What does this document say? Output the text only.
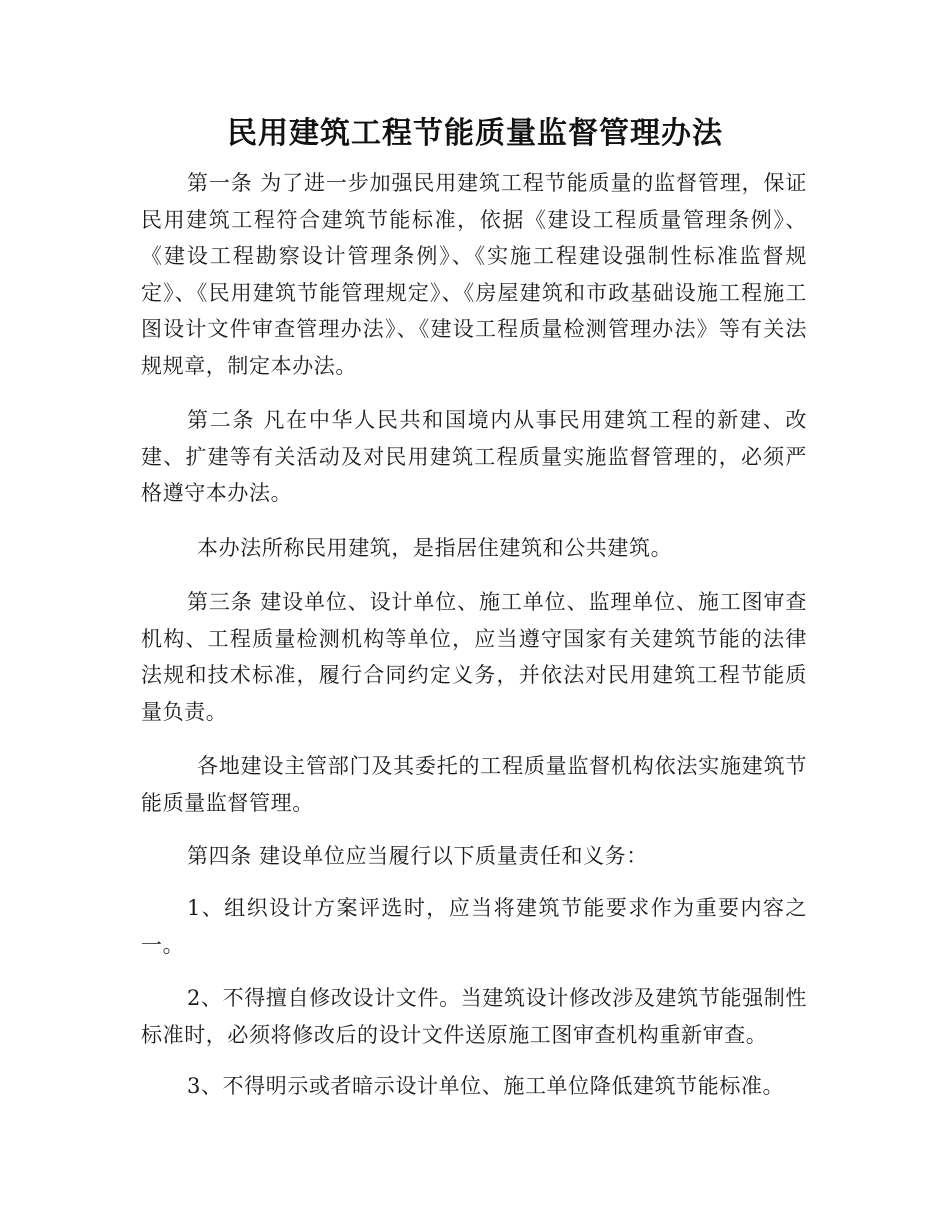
民用建筑工程节能质量监督管理办法
第一条 为了进一步加强民用建筑工程节能质量的监督管理，保证民用建筑工程符合建筑节能标准，依据《建设工程质量管理条例》、《建设工程勘察设计管理条例》、《实施工程建设强制性标准监督规定》、《民用建筑节能管理规定》、《房屋建筑和市政基础设施工程施工图设计文件审查管理办法》、《建设工程质量检测管理办法》等有关法规规章，制定本办法。
第二条 凡在中华人民共和国境内从事民用建筑工程的新建、改建、扩建等有关活动及对民用建筑工程质量实施监督管理的，必须严格遵守本办法。
本办法所称民用建筑，是指居住建筑和公共建筑。
第三条 建设单位、设计单位、施工单位、监理单位、施工图审查机构、工程质量检测机构等单位，应当遵守国家有关建筑节能的法律法规和技术标准，履行合同约定义务，并依法对民用建筑工程节能质量负责。
各地建设主管部门及其委托的工程质量监督机构依法实施建筑节能质量监督管理。
第四条 建设单位应当履行以下质量责任和义务：
1、组织设计方案评选时，应当将建筑节能要求作为重要内容之一。
2、不得擅自修改设计文件。当建筑设计修改涉及建筑节能强制性标准时，必须将修改后的设计文件送原施工图审查机构重新审查。
3、不得明示或者暗示设计单位、施工单位降低建筑节能标准。
